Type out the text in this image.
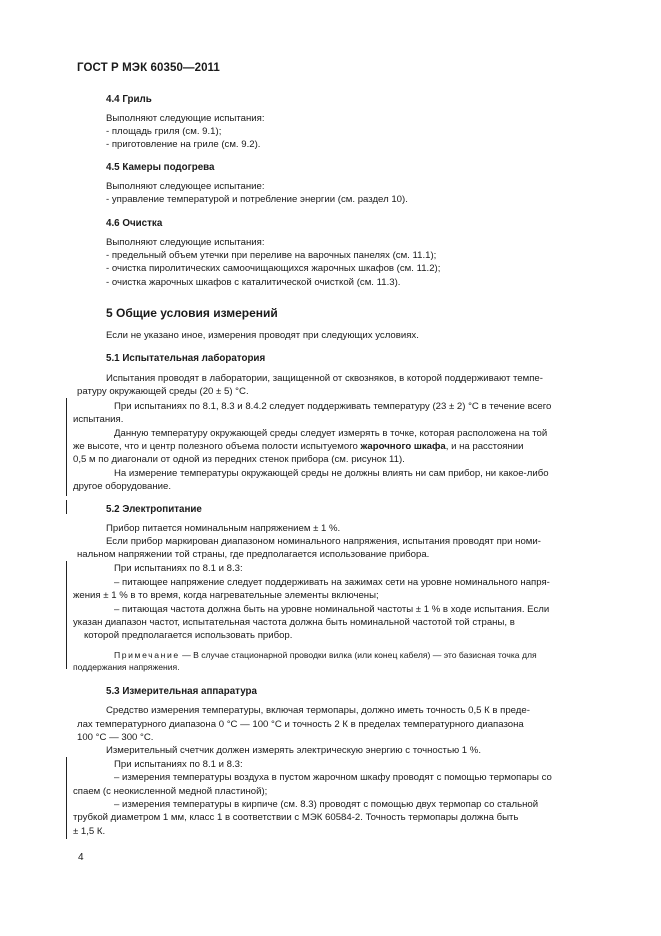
ГОСТ Р МЭК 60350—2011
4.4 Гриль
Выполняют следующие испытания:
- площадь гриля (см. 9.1);
- приготовление на гриле (см. 9.2).
4.5 Камеры подогрева
Выполняют следующее испытание:
- управление температурой и потребление энергии (см. раздел 10).
4.6 Очистка
Выполняют следующие испытания:
- предельный объем утечки при переливе на варочных панелях (см. 11.1);
- очистка пиролитических самоочищающихся жарочных шкафов (см. 11.2);
- очистка жарочных шкафов с каталитической очисткой (см. 11.3).
5 Общие условия измерений
Если не указано иное, измерения проводят при следующих условиях.
5.1 Испытательная лаборатория
Испытания проводят в лаборатории, защищенной от сквозняков, в которой поддерживают темпе-
ратуру окружающей среды (20 ± 5) °С.
При испытаниях по 8.1, 8.3 и 8.4.2 следует поддерживать температуру (23 ± 2) °С в течение всего
испытания.
Данную температуру окружающей среды следует измерять в точке, которая расположена на той
же высоте, что и центр полезного объема полости испытуемого жарочного шкафа, и на расстоянии
0,5 м по диагонали от одной из передних стенок прибора (см. рисунок 11).
На измерение температуры окружающей среды не должны влиять ни сам прибор, ни какое-либо
другое оборудование.
5.2 Электропитание
Прибор питается номинальным напряжением ± 1 %.
Если прибор маркирован диапазоном номинального напряжения, испытания проводят при номи-
нальном напряжении той страны, где предполагается использование прибора.
При испытаниях по 8.1 и 8.3:
– питающее напряжение следует поддерживать на зажимах сети на уровне номинального напря-
жения ± 1 % в то время, когда нагревательные элементы включены;
– питающая частота должна быть на уровне номинальной частоты ± 1 % в ходе испытания. Если
указан диапазон частот, испытательная частота должна быть номинальной частотой той страны, в
которой предполагается использовать прибор.
Примечание — В случае стационарной проводки вилка (или конец кабеля) — это базисная точка для
поддержания напряжения.
5.3 Измерительная аппаратура
Средство измерения температуры, включая термопары, должно иметь точность 0,5 К в преде-
лах температурного диапазона 0 °С — 100 °С и точность 2 К в пределах температурного диапазона
100 °С — 300 °С.
Измерительный счетчик должен измерять электрическую энергию с точностью 1 %.
При испытаниях по 8.1 и 8.3:
– измерения температуры воздуха в пустом жарочном шкафу проводят с помощью термопары со
спаем (с неокисленной медной пластиной);
– измерения температуры в кирпиче (см. 8.3) проводят с помощью двух термопар со стальной
трубкой диаметром 1 мм, класс 1 в соответствии с МЭК 60584-2. Точность термопары должна быть
± 1,5 К.
4
